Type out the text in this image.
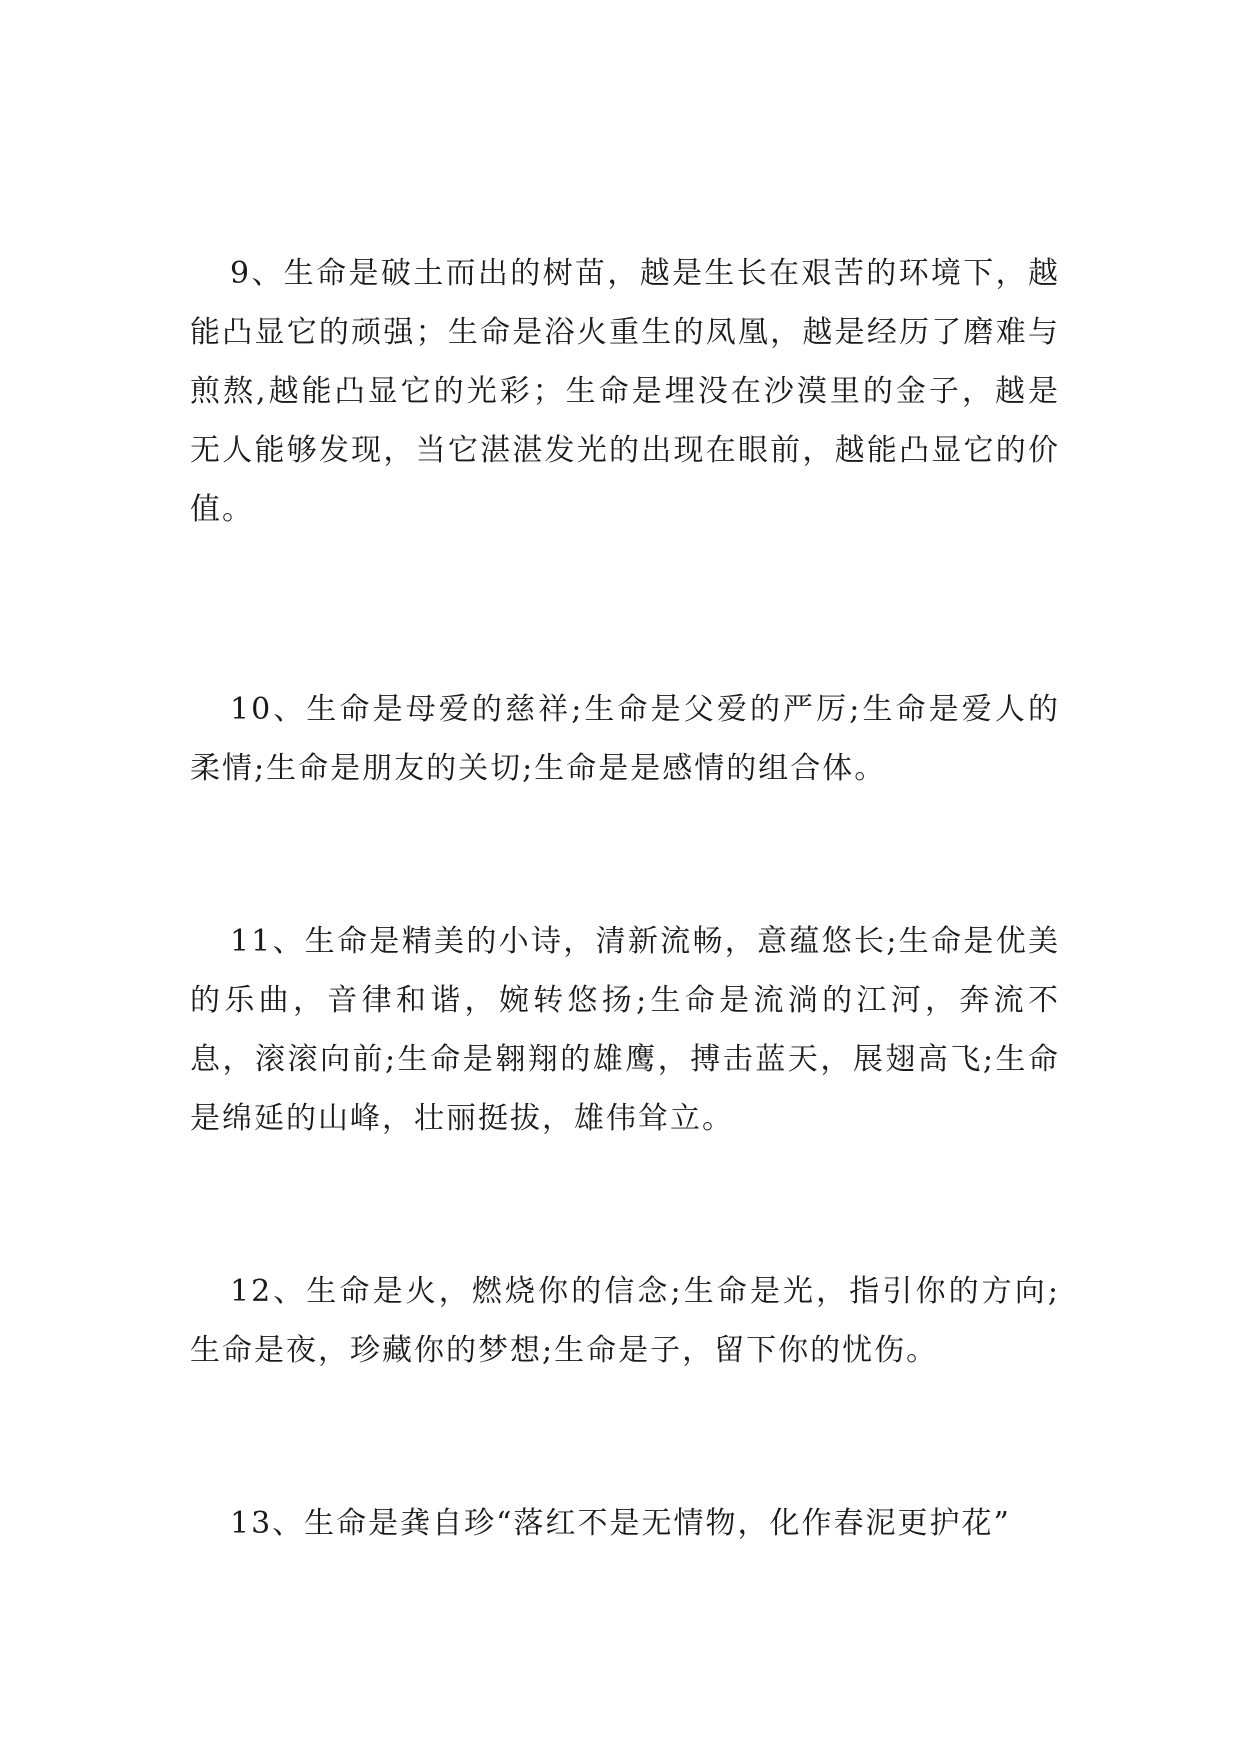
9、生命是破土而出的树苗，越是生长在艰苦的环境下，越能凸显它的顽强；生命是浴火重生的凤凰，越是经历了磨难与煎熬,越能凸显它的光彩；生命是埋没在沙漠里的金子，越是无人能够发现，当它湛湛发光的出现在眼前，越能凸显它的价值。

10、生命是母爱的慈祥;生命是父爱的严厉;生命是爱人的柔情;生命是朋友的关切;生命是是感情的组合体。

11、生命是精美的小诗，清新流畅，意蕴悠长;生命是优美的乐曲，音律和谐，婉转悠扬;生命是流淌的江河，奔流不息，滚滚向前;生命是翱翔的雄鹰，搏击蓝天，展翅高飞;生命是绵延的山峰，壮丽挺拔，雄伟耸立。

12、生命是火，燃烧你的信念;生命是光，指引你的方向;生命是夜，珍藏你的梦想;生命是子，留下你的忧伤。

13、生命是龚自珍“落红不是无情物，化作春泥更护花”
